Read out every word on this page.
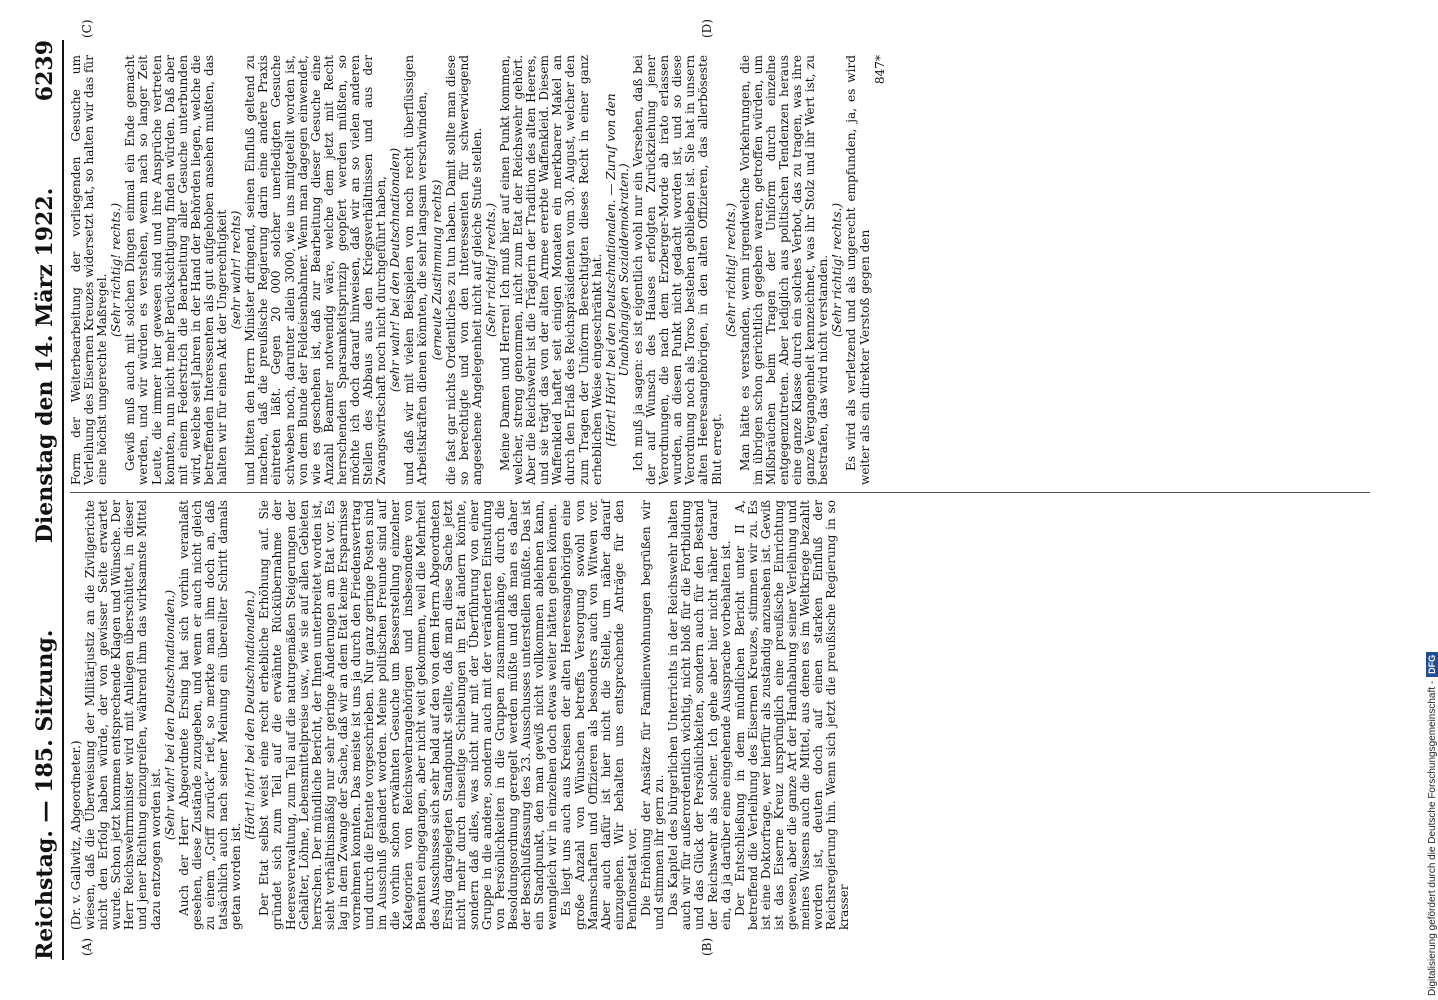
Reichstag. — 185. Sitzung.
Dienstag den 14. März 1922.
6239
(A)	(B)
(C)	(D)

(Dr. v. Gallwitz, Abgeordneter.) wiesen, daß die Überweisung der Militärjustiz an die Zivilgerichte nicht den Erfolg haben würde, der von gewisser Seite erwartet wurde. Schon jetzt kommen entsprechende Klagen und Wünsche. Der Herr Reichswehrminister wird mit Anliegen überschüttet, in dieser und jener Richtung einzugreifen, während ihm das wirksamste Mittel dazu entzogen worden ist.

(Sehr wahr! bei den Deutschnationalen.) Auch der Herr Abgeordnete Ersing hat sich vorhin veranlaßt gesehen, diese Zustände zuzugeben, und wenn er auch nicht gleich zu einem „Griff zurück“ riet, so merkte man ihm doch an, daß tatsächlich auch nach seiner Meinung ein übereilter Schritt damals getan worden ist.

(Hört! hört! bei den Deutschnationalen.) Der Etat selbst weist eine recht erhebliche Erhöhung auf. Sie gründet sich zum Teil auf die erwähnte Rückübernahme der Heeresverwaltung, zum Teil auf die naturgemäßen Steigerungen der Gehälter, Löhne, Lebensmittelpreise usw., wie sie auf allen Gebieten herrschen. Der mündliche Bericht, der Ihnen unterbreitet worden ist, sieht verhältnismäßig nur sehr geringe Änderungen am Etat vor. Es lag in dem Zwange der Sache, daß wir an dem Etat keine Ersparnisse vornehmen konnten. Das meiste ist uns ja durch den Friedensvertrag und durch die Entente vorgeschrieben. Nur ganz geringe Posten sind im Ausschuß geändert worden. Meine politischen Freunde sind auf die vorhin schon erwähnten Gesuche um Besserstellung einzelner Kategorien von Reichswehrangehörigen und insbesondere von Beamten eingegangen, aber nicht weit gekommen, weil die Mehrheit des Ausschusses sich sehr bald auf den von dem Herrn Abgeordneten Ersing dargelegten Standpunkt stellte, daß man diese Sache jetzt nicht mehr durch einseitige Schiebungen im Etat ändern könnte, sondern daß alles, was nicht nur mit der Überführung von einer Gruppe in die andere, sondern auch mit der veränderten Einstufung von Persönlichkeiten in die Gruppen zusammenhänge, durch die Besoldungsordnung geregelt werden müßte und daß man es daher der Beschlußfassung des 23. Ausschusses unterstellen müßte. Das ist ein Standpunkt, den man gewiß nicht vollkommen ablehnen kann, wenngleich wir in einzelnen doch etwas weiter hätten gehen können. Es liegt uns auch aus Kreisen der alten Heeresangehörigen eine große Anzahl von Wünschen betreffs Versorgung sowohl von Mannschaften und Offizieren als besonders auch von Witwen vor. Aber auch dafür ist hier nicht die Stelle, um näher darauf einzugehen. Wir behalten uns entsprechende Anträge für den Penfionsetat vor. Die Erhöhung der Ansätze für Familienwohnungen begrüßen wir und stimmen ihr gern zu. Das Kapitel des bürgerlichen Unterrichts in der Reichswehr halten auch wir für außerordentlich wichtig, nicht bloß für die Fortbildung und das Glück der Persönlichkeiten, sondern auch für den Bestand der Reichswehr als solcher. Ich gehe aber hier nicht näher darauf ein, da ja darüber eine eingehende Aussprache vorbehalten ist. Der Entschließung in dem mündlichen Bericht unter II A, betreffend die Verleihung des Eisernen Kreuzes, stimmen wir zu. Es ist eine Doktorfrage, wer hierfür als zuständig anzusehen ist. Gewiß ist das Eiserne Kreuz ursprünglich eine preußische Einrichtung gewesen, aber die ganze Art der Handhabung seiner Verleihung und meines Wissens auch die Mittel, aus denen es im Weltkriege bezahlt worden ist, deuten doch auf einen starken Einfluß der Reichsregierung hin. Wenn sich jetzt die preußische Regierung in so krasser

Form der Weiterbearbeitung der vorliegenden Gesuche um Verleihung des Eisernen Kreuzes widersetzt hat, so halten wir das für eine höchst ungerechte Maßregel.

(Sehr richtig! rechts.) Gewiß muß auch mit solchen Dingen einmal ein Ende gemacht werden, und wir würden es verstehen, wenn nach so langer Zeit Leute, die immer hier gewesen sind und ihre Ansprüche vertreten konnten, nun nicht mehr Berücksichtigung finden würden. Daß aber mit einem Federstrich die Bearbeitung aller Gesuche unterbunden wird, welche seit Jahren in der Hand der Behörden liegen, welche die betreffenden Interessenten als gut aufgehoben ansehen mußten, das halten wir für einen Akt der Ungerechtigkeit (sehr wahr! rechts) und bitten den Herrn Minister dringend, seinen Einfluß geltend zu machen, daß die preußische Regierung darin eine andere Praxis eintreten läßt. Gegen 20 000 solcher unerledigten Gesuche schweben noch, darunter allein 3000, wie uns mitgeteilt worden ist, von dem Bunde der Feldeisenbahner. Wenn man dagegen einwendet, wie es geschehen ist, daß zur Bearbeitung dieser Gesuche eine Anzahl Beamter notwendig wäre, welche dem jetzt mit Recht herrschenden Sparsamkeitsprinzip geopfert werden müßten, so möchte ich doch darauf hinweisen, daß wir an so vielen anderen Stellen des Abbaus aus den Kriegsverhältnissen und aus der Zwangswirtschaft noch nicht durchgeführt haben, (sehr wahr! bei den Deutschnationalen) und daß wir mit vielen Beispielen von noch recht überflüssigen Arbeitskräften dienen könnten, die sehr langsam verschwinden, (erneute Zustimmung rechts) die fast gar nichts Ordentliches zu tun haben. Damit sollte man diese so berechtigte und von den Interessenten für schwerwiegend angesehene Angelegenheit nicht auf gleiche Stufe stellen. (Sehr richtig! rechts.) Meine Damen und Herren! Ich muß hier auf einen Punkt kommen, welcher, streng genommen, nicht zum Etat der Reichswehr gehört. Aber die Reichswehr ist die Trägerin der Tradition des alten Heeres, und sie trägt das von der alten Armee ererbte Waffenkleid. Diesem Waffenkleid haftet seit einigen Monaten ein merkbarer Makel an durch den Erlaß des Reichspräsidenten vom 30. August, welcher den zum Tragen der Uniform Berechtigten dieses Recht in einer ganz erheblichen Weise eingeschränkt hat. (Hört! Hört! bei den Deutschnationalen. — Zuruf von den Unabhängigen Sozialdemokraten.) Ich muß ja sagen: es ist eigentlich wohl nur ein Versehen, daß bei der auf Wunsch des Hauses erfolgten Zurückziehung jener Verordnungen, die nach dem Erzberger-Morde ab irato erlassen wurden, an diesen Punkt nicht gedacht worden ist, und so diese Verordnung noch als Torso bestehen geblieben ist. Sie hat in unsern alten Heeresangehörigen, in den alten Offizieren, das allerböseste Blut erregt.

(Sehr richtig! rechts.) Man hätte es verstanden, wenn irgendwelche Vorkehrungen, die im übrigen schon gerichtlich gegeben waren, getroffen würden, um Mißbräuchen beim Tragen der Uniform durch einzelne entgegenzutreten. Aber lediglich aus politischen Tendenzen heraus eine ganze Klasse durch ein solches Verbot, das zu tragen, was ihre ganze Vergangenheit kennzeichnet, was ihr Stolz und ihr Wert ist, zu bestrafen, das wird nicht verstanden. (Sehr richtig! rechts.) Es wird als verletzend und als ungerecht empfunden, ja, es wird weiter als ein direkter Verstoß gegen den

847*

Digitalisierung gefördert durch die Deutsche Forschungsgemeinschaft -
DFG
